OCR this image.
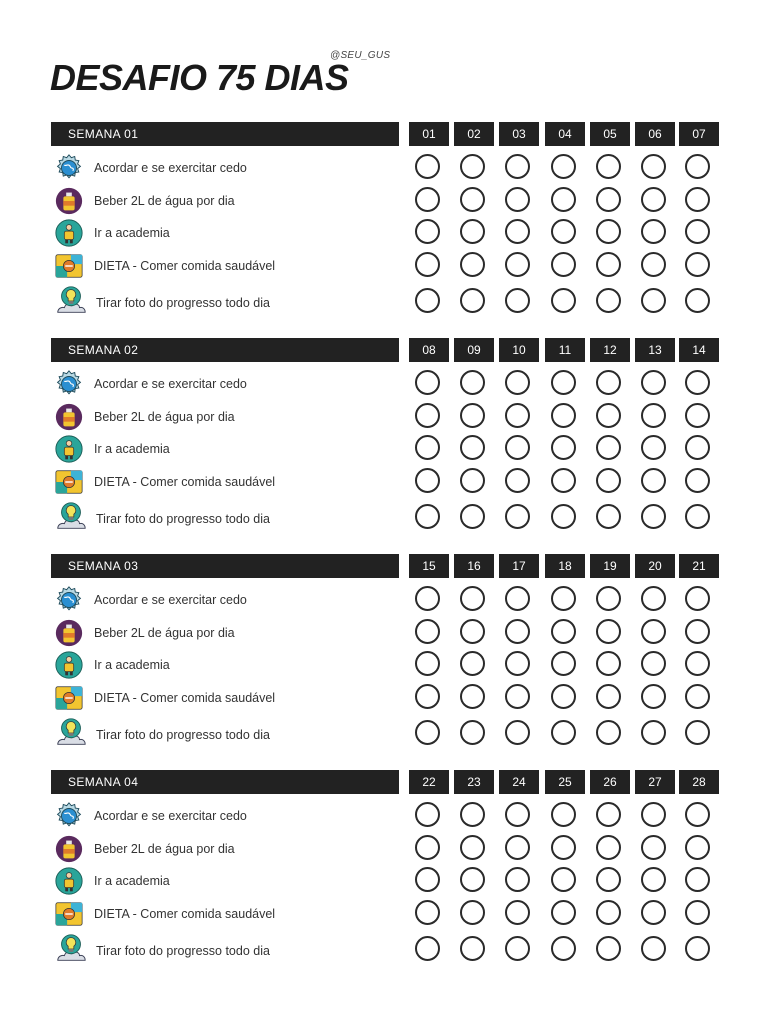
@SEU_GUS
DESAFIO 75 DIAS
SEMANA 01	01	02	03	04	05	06	07
Acordar e se exercitar cedo
Beber 2L de água por dia
Ir a academia
DIETA - Comer comida saudável
Tirar foto do progresso todo dia
SEMANA 02	08	09	10	11	12	13	14
Acordar e se exercitar cedo
Beber 2L de água por dia
Ir a academia
DIETA - Comer comida saudável
Tirar foto do progresso todo dia
SEMANA 03	15	16	17	18	19	20	21
Acordar e se exercitar cedo
Beber 2L de água por dia
Ir a academia
DIETA - Comer comida saudável
Tirar foto do progresso todo dia
SEMANA 04	22	23	24	25	26	27	28
Acordar e se exercitar cedo
Beber 2L de água por dia
Ir a academia
DIETA - Comer comida saudável
Tirar foto do progresso todo dia
